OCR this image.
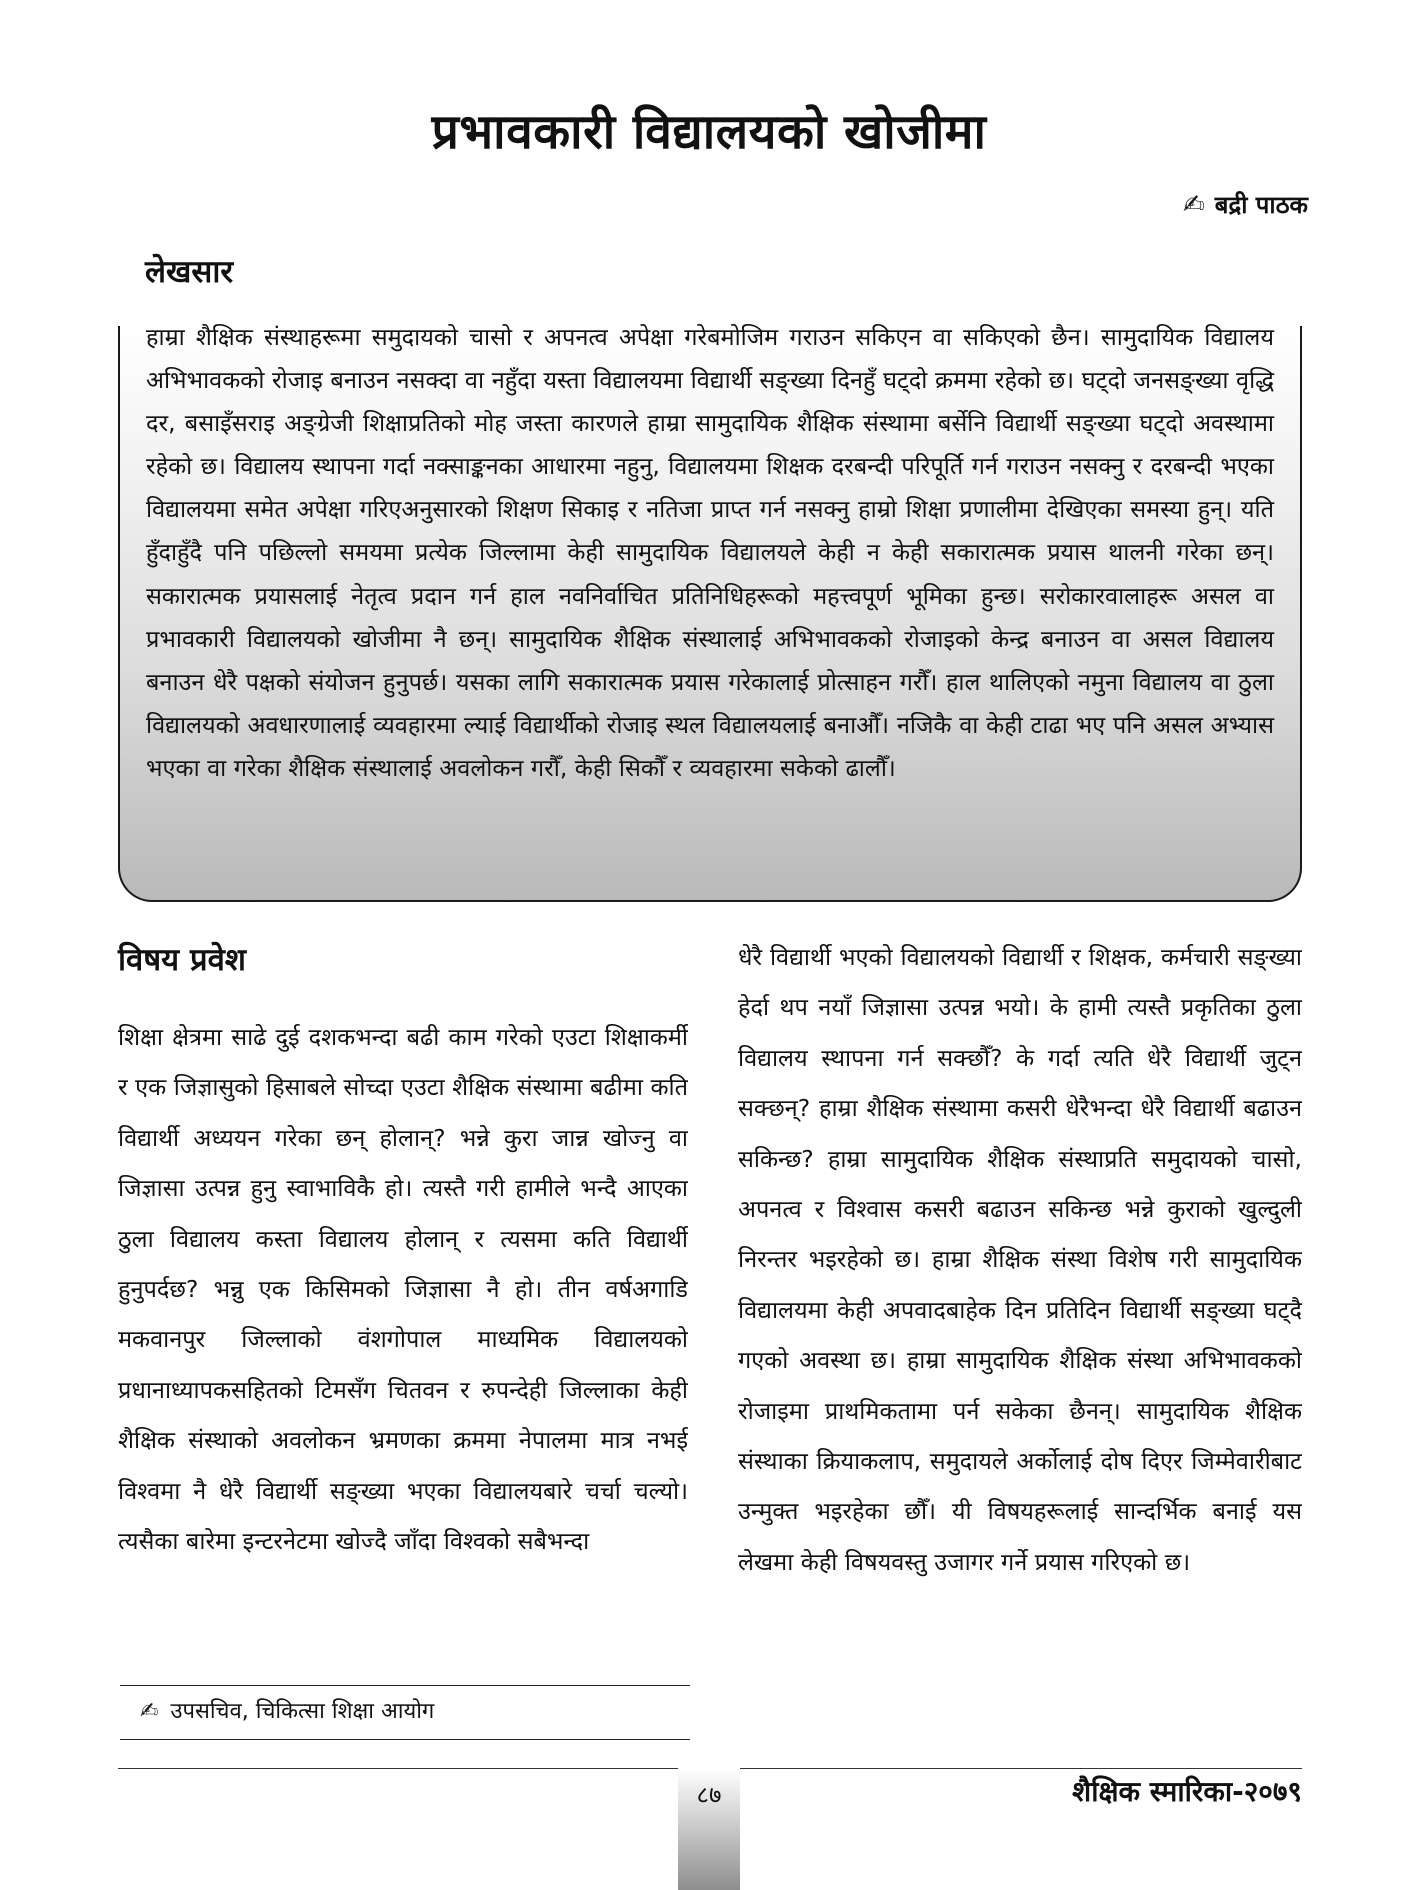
प्रभावकारी विद्यालयको खोजीमा
✍ बद्री पाठक
लेखसार

हाम्रा शैक्षिक संस्थाहरूमा समुदायको चासो र अपनत्व अपेक्षा गरेबमोजिम गराउन सकिएन वा सकिएको छैन। सामुदायिक विद्यालय अभिभावकको रोजाइ बनाउन नसक्दा वा नहुँदा यस्ता विद्यालयमा विद्यार्थी सङ्ख्या दिनहुँ घट्दो क्रममा रहेको छ। घट्दो जनसङ्ख्या वृद्धि दर, बसाइँसराइ अङ्ग्रेजी शिक्षाप्रतिको मोह जस्ता कारणले हाम्रा सामुदायिक शैक्षिक संस्थामा बर्सेनि विद्यार्थी सङ्ख्या घट्दो अवस्थामा रहेको छ। विद्यालय स्थापना गर्दा नक्साङ्कनका आधारमा नहुनु, विद्यालयमा शिक्षक दरबन्दी परिपूर्ति गर्न गराउन नसक्नु र दरबन्दी भएका विद्यालयमा समेत अपेक्षा गरिएअनुसारको शिक्षण सिकाइ र नतिजा प्राप्त गर्न नसक्नु हाम्रो शिक्षा प्रणालीमा देखिएका समस्या हुन्। यति हुँदाहुँदै पनि पछिल्लो समयमा प्रत्येक जिल्लामा केही सामुदायिक विद्यालयले केही न केही सकारात्मक प्रयास थालनी गरेका छन्। सकारात्मक प्रयासलाई नेतृत्व प्रदान गर्न हाल नवनिर्वाचित प्रतिनिधिहरूको महत्त्वपूर्ण भूमिका हुन्छ। सरोकारवालाहरू असल वा प्रभावकारी विद्यालयको खोजीमा नै छन्। सामुदायिक शैक्षिक संस्थालाई अभिभावकको रोजाइको केन्द्र बनाउन वा असल विद्यालय बनाउन धेरै पक्षको संयोजन हुनुपर्छ। यसका लागि सकारात्मक प्रयास गरेकालाई प्रोत्साहन गरौँ। हाल थालिएको नमुना विद्यालय वा ठुला विद्यालयको अवधारणालाई व्यवहारमा ल्याई विद्यार्थीको रोजाइ स्थल विद्यालयलाई बनाऔँ। नजिकै वा केही टाढा भए पनि असल अभ्यास भएका वा गरेका शैक्षिक संस्थालाई अवलोकन गरौँ, केही सिकौँ र व्यवहारमा सकेको ढालौँ।

विषय प्रवेश

शिक्षा क्षेत्रमा साढे दुई दशकभन्दा बढी काम गरेको एउटा शिक्षाकर्मी र एक जिज्ञासुको हिसाबले सोच्दा एउटा शैक्षिक संस्थामा बढीमा कति विद्यार्थी अध्ययन गरेका छन् होलान्? भन्ने कुरा जान्न खोज्नु वा जिज्ञासा उत्पन्न हुनु स्वाभाविकै हो। त्यस्तै गरी हामीले भन्दै आएका ठुला विद्यालय कस्ता विद्यालय होलान् र त्यसमा कति विद्यार्थी हुनुपर्दछ? भन्नु एक किसिमको जिज्ञासा नै हो। तीन वर्षअगाडि मकवानपुर जिल्लाको वंशगोपाल माध्यमिक विद्यालयको प्रधानाध्यापकसहितको टिमसँग चितवन र रुपन्देही जिल्लाका केही शैक्षिक संस्थाको अवलोकन भ्रमणका क्रममा नेपालमा मात्र नभई विश्वमा नै धेरै विद्यार्थी सङ्ख्या भएका विद्यालयबारे चर्चा चल्यो। त्यसैका बारेमा इन्टरनेटमा खोज्दै जाँदा विश्वको सबैभन्दा

धेरै विद्यार्थी भएको विद्यालयको विद्यार्थी र शिक्षक, कर्मचारी सङ्ख्या हेर्दा थप नयाँ जिज्ञासा उत्पन्न भयो। के हामी त्यस्तै प्रकृतिका ठुला विद्यालय स्थापना गर्न सक्छौँ? के गर्दा त्यति धेरै विद्यार्थी जुट्न सक्छन्? हाम्रा शैक्षिक संस्थामा कसरी धेरैभन्दा धेरै विद्यार्थी बढाउन सकिन्छ? हाम्रा सामुदायिक शैक्षिक संस्थाप्रति समुदायको चासो, अपनत्व र विश्वास कसरी बढाउन सकिन्छ भन्ने कुराको खुल्दुली निरन्तर भइरहेको छ। हाम्रा शैक्षिक संस्था विशेष गरी सामुदायिक विद्यालयमा केही अपवादबाहेक दिन प्रतिदिन विद्यार्थी सङ्ख्या घट्दै गएको अवस्था छ। हाम्रा सामुदायिक शैक्षिक संस्था अभिभावकको रोजाइमा प्राथमिकतामा पर्न सकेका छैनन्। सामुदायिक शैक्षिक संस्थाका क्रियाकलाप, समुदायले अर्कोलाई दोष दिएर जिम्मेवारीबाट उन्मुक्त भइरहेका छौँ। यी विषयहरूलाई सान्दर्भिक बनाई यस लेखमा केही विषयवस्तु उजागर गर्ने प्रयास गरिएको छ।

✍ उपसचिव, चिकित्सा शिक्षा आयोग
८७	शैक्षिक स्मारिका-२०७९
